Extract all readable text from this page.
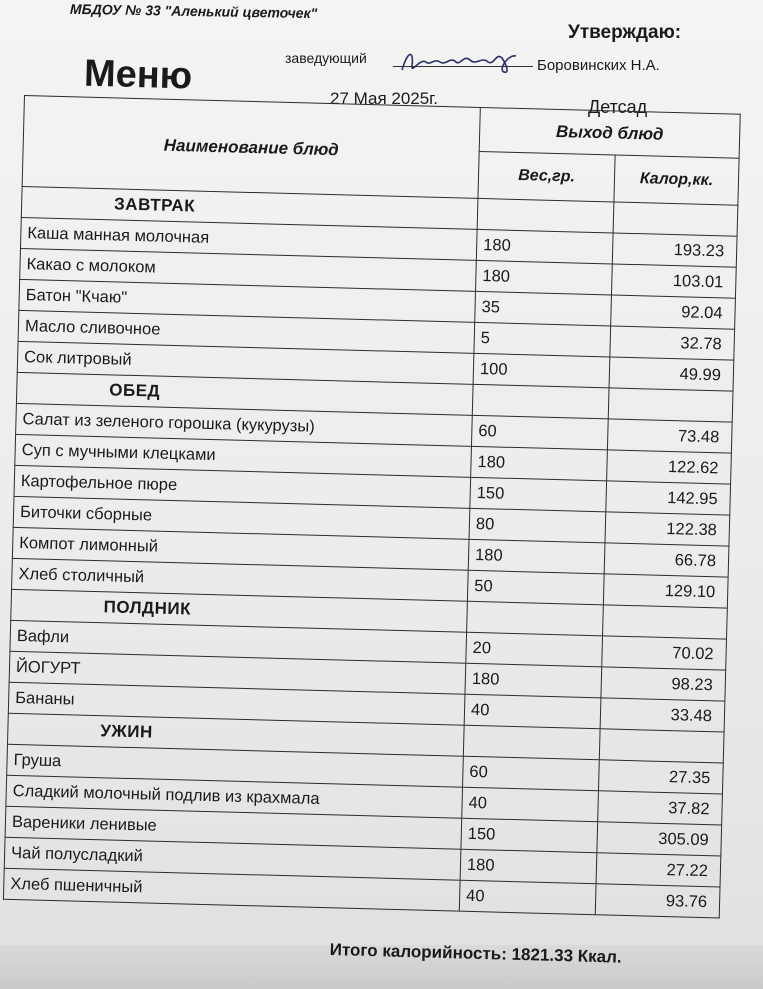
МБДОУ № 33 "Аленький цветочек"
Утверждаю:
Меню	заведующий	Боровинских Н.А.
27 Мая 2025г.	Детсад
Наименование блюд	Выход блюд	
	Вес,гр.	Калор,кк.
ЗАВТРАК		
Каша манная молочная	180	193.23
Какао с молоком	180	103.01
Батон "Кчаю"	35	92.04
Масло сливочное	5	32.78
Сок литровый	100	49.99
ОБЕД		
Салат из зеленого горошка (кукурузы)	60	73.48
Суп с мучными клецками	180	122.62
Картофельное пюре	150	142.95
Биточки сборные	80	122.38
Компот лимонный	180	66.78
Хлеб столичный	50	129.10
ПОЛДНИК		
Вафли	20	70.02
ЙОГУРТ	180	98.23
Бананы	40	33.48
УЖИН		
Груша	60	27.35
Сладкий молочный подлив из крахмала	40	37.82
Вареники ленивые	150	305.09
Чай полусладкий	180	27.22
Хлеб пшеничный	40	93.76
Итого калорийность: 1821.33 Ккал.
